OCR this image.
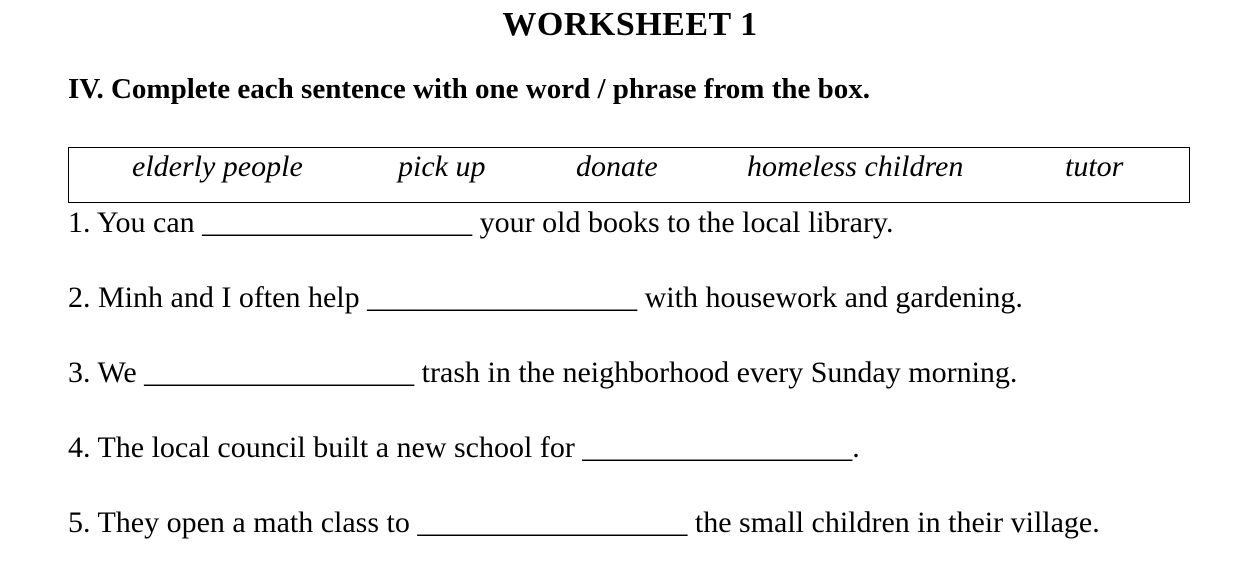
WORKSHEET 1
IV. Complete each sentence with one word / phrase from the box.
elderly people	pick up	donate	homeless children	tutor
1. You can __________________ your old books to the local library.
2. Minh and I often help __________________ with housework and gardening.
3. We __________________ trash in the neighborhood every Sunday morning.
4. The local council built a new school for __________________.
5. They open a math class to __________________ the small children in their village.
